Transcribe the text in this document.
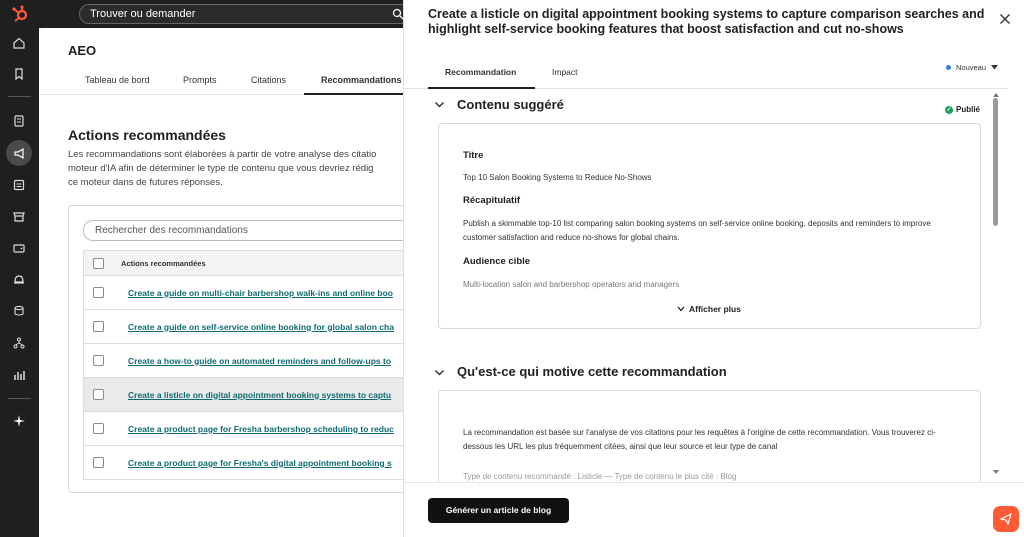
Trouver ou demander
AEO
Tableau de bord	Prompts	Citations	Recommandations
Actions recommandées
Les recommandations sont élaborées à partir de votre analyse des citatio
moteur d'IA afin de déterminer le type de contenu que vous devriez rédig
ce moteur dans de futures réponses.
Rechercher des recommandations
Actions recommandées
Create a guide on multi-chair barbershop walk-ins and online boo
Create a guide on self-service online booking for global salon cha
Create a how-to guide on automated reminders and follow-ups to
Create a listicle on digital appointment booking systems to captu
Create a product page for Fresha barbershop scheduling to reduc
Create a product page for Fresha's digital appointment booking s
Create a listicle on digital appointment booking systems to capture comparison searches and highlight self-service booking features that boost satisfaction and cut no-shows
Recommandation	Impact	Nouveau
Contenu suggéré	✓ Publié
Titre
Top 10 Salon Booking Systems to Reduce No-Shows
Récapitulatif
Publish a skimmable top-10 list comparing salon booking systems on self-service online booking, deposits and reminders to improve customer satisfaction and reduce no-shows for global chains.
Audience cible
Multi-location salon and barbershop operators and managers
Afficher plus
Qu'est-ce qui motive cette recommandation
La recommandation est basée sur l'analyse de vos citations pour les requêtes à l'origine de cette recommandation. Vous trouverez ci-dessous les URL les plus fréquemment citées, ainsi que leur source et leur type de canal
Type de contenu recommandé : Listicle — Type de contenu le plus cité : Blog
Générer un article de blog
